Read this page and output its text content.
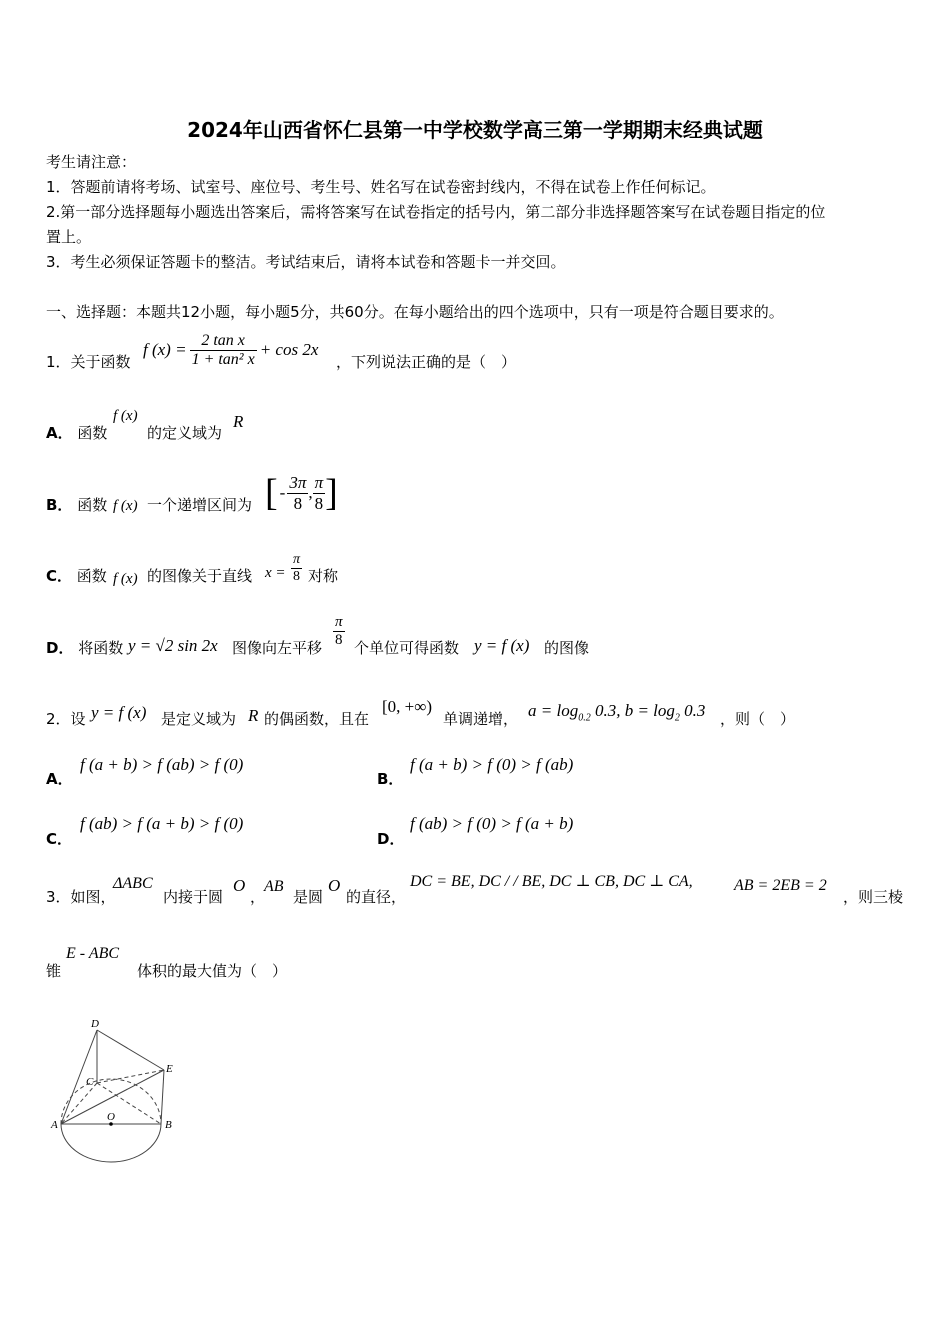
2024年山西省怀仁县第一中学校数学高三第一学期期末经典试题
考生请注意：
1．答题前请将考场、试室号、座位号、考生号、姓名写在试卷密封线内，不得在试卷上作任何标记。
2.第一部分选择题每小题选出答案后，需将答案写在试卷指定的括号内，第二部分非选择题答案写在试卷题目指定的位
置上。
3．考生必须保证答题卡的整洁。考试结束后，请将本试卷和答题卡一并交回。
一、选择题：本题共12小题，每小题5分，共60分。在每小题给出的四个选项中，只有一项是符合题目要求的。
1．关于函数
f $(x) = \frac{\text{2 tan x}}{\text{1 + tan² x}} + \cos 2x$
，下列说法正确的是（　）
A． 函数
f (x)
的定义域为
R
B． 函数 f (x) 一个递增区间为 [ - $\frac{3\pi}{8}$ , $\frac{\pi}{8}$ ]
C． 函数 f (x) 的图像关于直线 $x = \frac{\pi}{8}$ 对称
D． 将函数 y = √2 sin 2x 图像向左平移 $\frac{\pi}{8}$ 个单位可得函数 y = f (x) 的图像
2．设 y = f (x) 是定义域为 R 的偶函数，且在
[0, +∞)
单调递增， $a = \log_{0.2} 0.3$, $b = \log_2 0.3$ ，则（　）
A．
f (a + b) > f (ab) > f (0)
B．
f (a + b) > f (0) > f (ab)
C．
f (ab) > f (a + b) > f (0)
D．
f (ab) > f (0) > f (a + b)
3．如图，
ΔABC
内接于圆
O
，
AB
是圆
O
的直径，
DC = BE, DC / / BE, DC ⊥ CB, DC ⊥ CA,	AB = 2EB = 2
，则三棱
锥
E - ABC
体积的最大值为（　）
D
E
C
O
A	B
